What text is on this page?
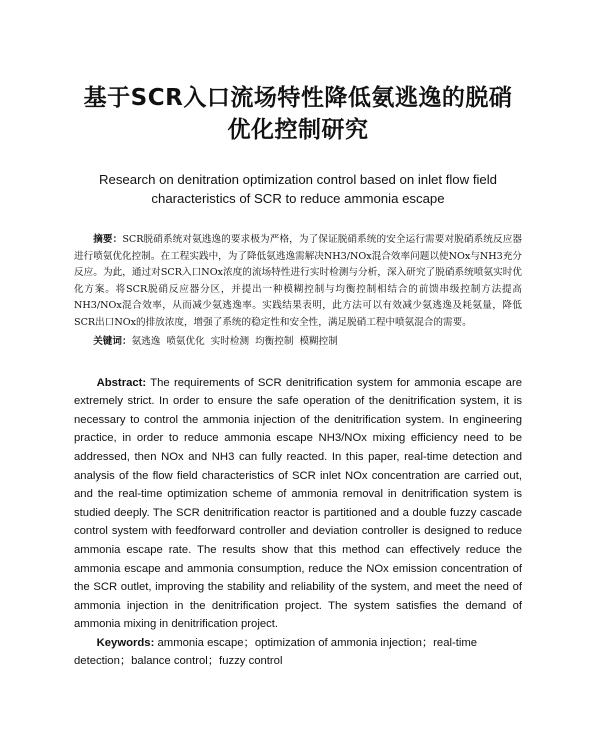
基于SCR入口流场特性降低氨逃逸的脱硝优化控制研究
Research on denitration optimization control based on inlet flow field characteristics of SCR to reduce ammonia escape

摘要：SCR脱硝系统对氨逃逸的要求极为严格，为了保证脱硝系统的安全运行需要对脱硝系统反应器进行喷氨优化控制。在工程实践中，为了降低氨逃逸需解决NH3/NOx混合效率问题以使NOx与NH3充分反应。为此，通过对SCR入口NOx浓度的流场特性进行实时检测与分析，深入研究了脱硝系统喷氨实时优化方案。将SCR脱硝反应器分区，并提出一种模糊控制与均衡控制相结合的前馈串级控制方法提高NH3/NOx混合效率，从而减少氨逃逸率。实践结果表明，此方法可以有效减少氨逃逸及耗氨量，降低SCR出口NOx的排放浓度，增强了系统的稳定性和安全性，满足脱硝工程中喷氨混合的需要。

关键词：氨逃逸 喷氨优化 实时检测 均衡控制 模糊控制

Abstract: The requirements of SCR denitrification system for ammonia escape are extremely strict. In order to ensure the safe operation of the denitrification system, it is necessary to control the ammonia injection of the denitrification system. In engineering practice, in order to reduce ammonia escape NH3/NOx mixing efficiency need to be addressed, then NOx and NH3 can fully reacted. In this paper, real-time detection and analysis of the flow field characteristics of SCR inlet NOx concentration are carried out, and the real-time optimization scheme of ammonia removal in denitrification system is studied deeply. The SCR denitrification reactor is partitioned and a double fuzzy cascade control system with feedforward controller and deviation controller is designed to reduce ammonia escape rate. The results show that this method can effectively reduce the ammonia escape and ammonia consumption, reduce the NOx emission concentration of the SCR outlet, improving the stability and reliability of the system, and meet the need of ammonia injection in the denitrification project. The system satisfies the demand of ammonia mixing in denitrification project.

Keywords: ammonia escape；optimization of ammonia injection；real-time detection；balance control；fuzzy control
